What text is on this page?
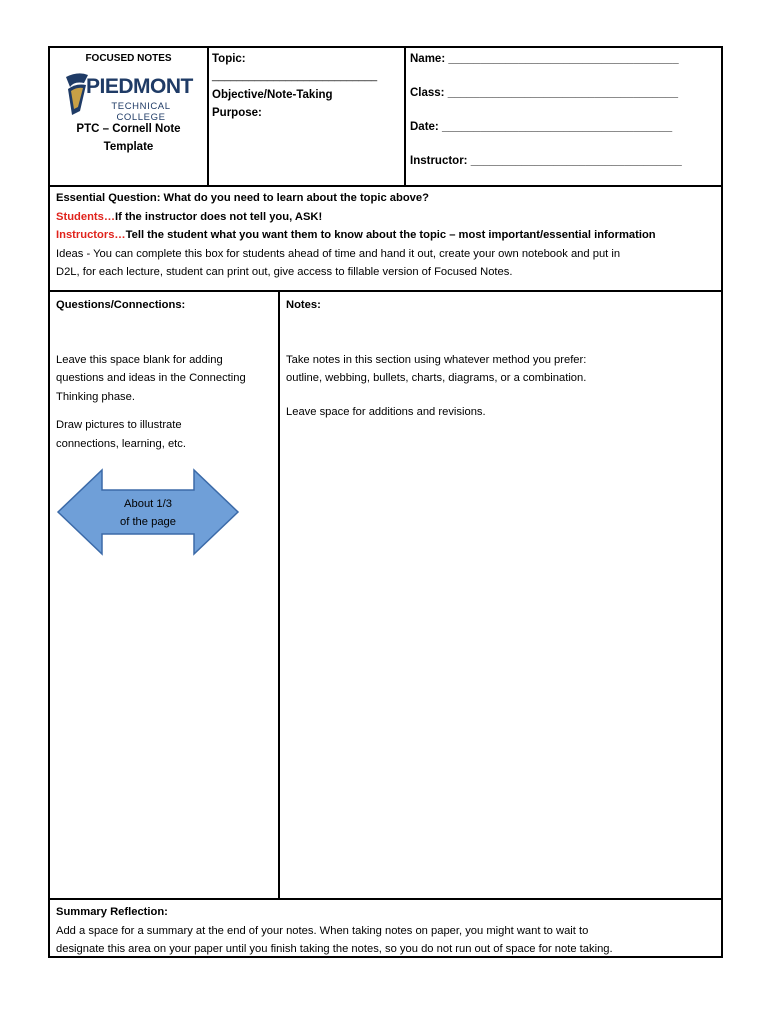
FOCUSED NOTES
PIEDMONT
TECHNICAL COLLEGE
PTC – Cornell Note
Template
Topic:
___________________________
Objective/Note-Taking
Purpose:
Name: ____________________________________
Class: ____________________________________
Date: ____________________________________
Instructor: _________________________________
Essential Question: What do you need to learn about the topic above?
Students…If the instructor does not tell you, ASK!
Instructors…Tell the student what you want them to know about the topic – most important/essential information
Ideas - You can complete this box for students ahead of time and hand it out, create your own notebook and put in
D2L, for each lecture, student can print out, give access to fillable version of Focused Notes.
Questions/Connections:
Leave this space blank for adding
questions and ideas in the Connecting
Thinking phase.
Draw pictures to illustrate
connections, learning, etc.
About 1/3
of the page
Notes:
Take notes in this section using whatever method you prefer:
outline, webbing, bullets, charts, diagrams, or a combination.
Leave space for additions and revisions.
Summary Reflection:
Add a space for a summary at the end of your notes. When taking notes on paper, you might want to wait to
designate this area on your paper until you finish taking the notes, so you do not run out of space for note taking.
